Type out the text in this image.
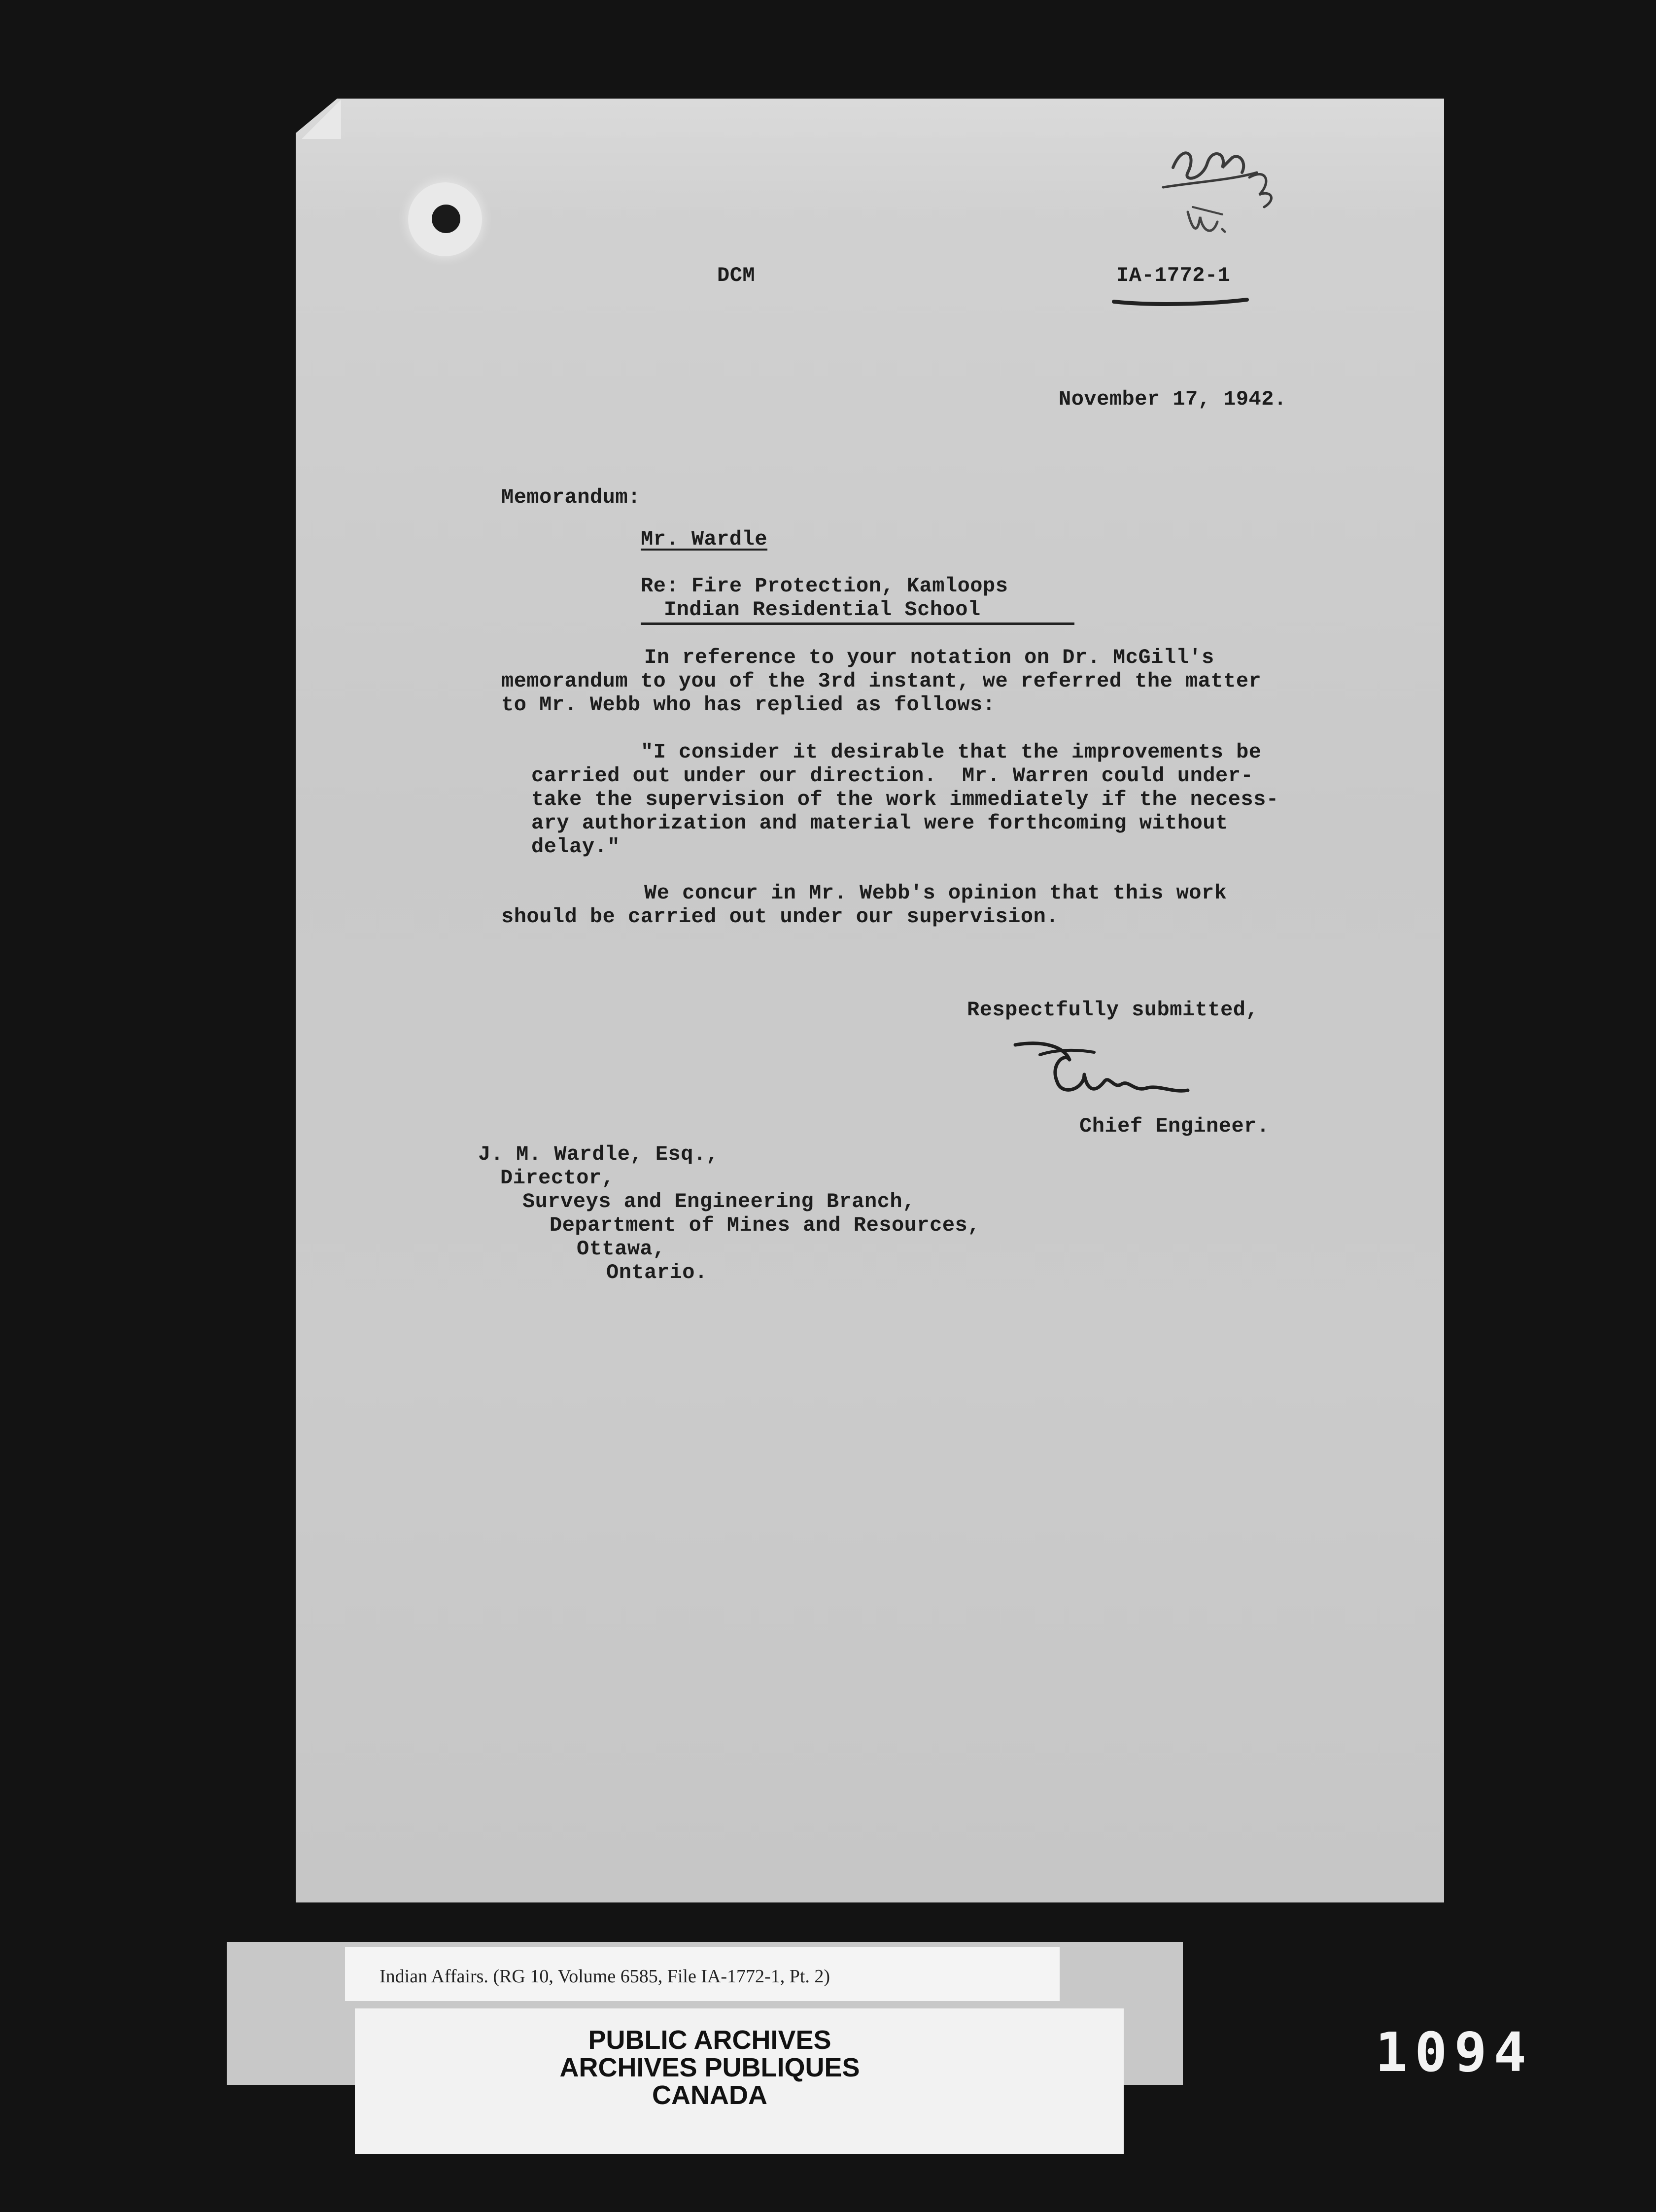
DCM	IA-1772-1

November 17, 1942.

Memorandum:

Mr. Wardle

Re: Fire Protection, Kamloops

Indian Residential School

In reference to your notation on Dr. McGill's

memorandum to you of the 3rd instant, we referred the matter

to Mr. Webb who has replied as follows:

"I consider it desirable that the improvements be

carried out under our direction.  Mr. Warren could under-

take the supervision of the work immediately if the necess-

ary authorization and material were forthcoming without

delay."

We concur in Mr. Webb's opinion that this work

should be carried out under our supervision.

Respectfully submitted,

Chief Engineer.

J. M. Wardle, Esq.,

Director,

Surveys and Engineering Branch,

Department of Mines and Resources,

Ottawa,

Ontario.

Indian Affairs. (RG 10, Volume 6585, File IA-1772-1, Pt. 2)

PUBLIC ARCHIVES

ARCHIVES PUBLIQUES

CANADA

1094
